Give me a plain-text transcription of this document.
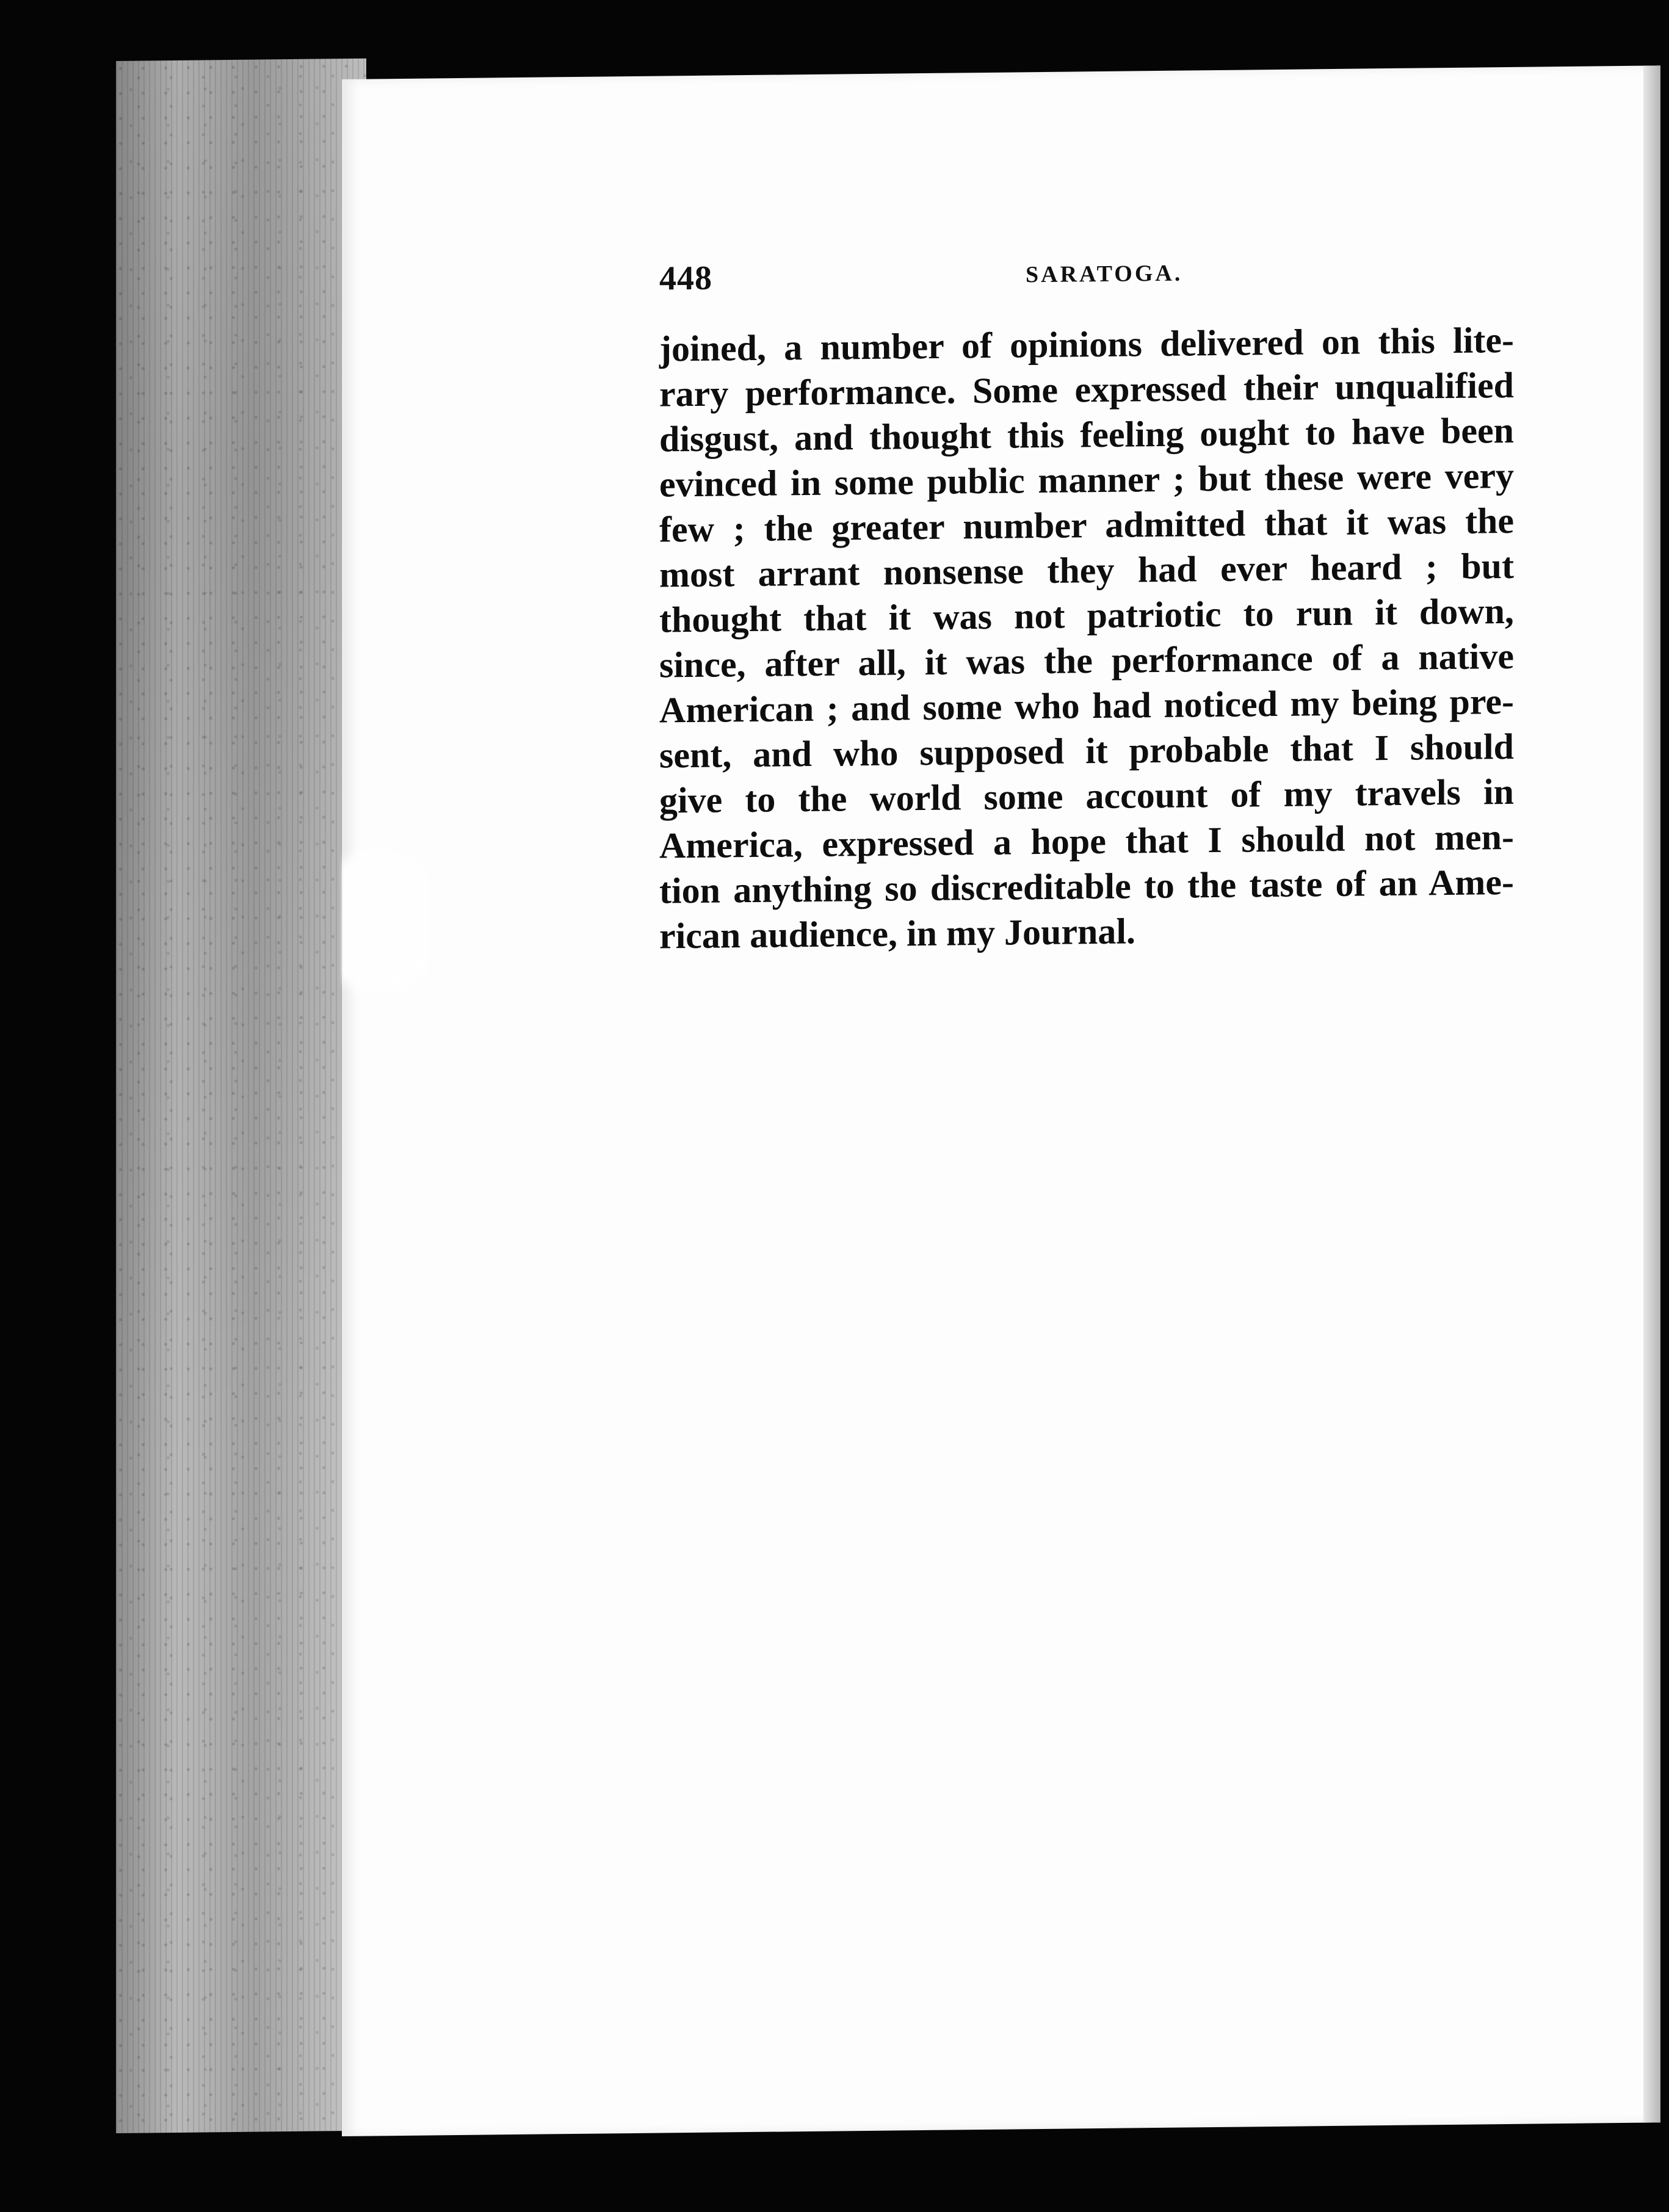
448	SARATOGA.
joined, a number of opinions delivered on this lite-
rary performance. Some expressed their unqualified
disgust, and thought this feeling ought to have been
evinced in some public manner ; but these were very
few ; the greater number admitted that it was the
most arrant nonsense they had ever heard ; but
thought that it was not patriotic to run it down,
since, after all, it was the performance of a native
American ; and some who had noticed my being pre-
sent, and who supposed it probable that I should
give to the world some account of my travels in
America, expressed a hope that I should not men-
tion anything so discreditable to the taste of an Ame-
rican audience, in my Journal.
